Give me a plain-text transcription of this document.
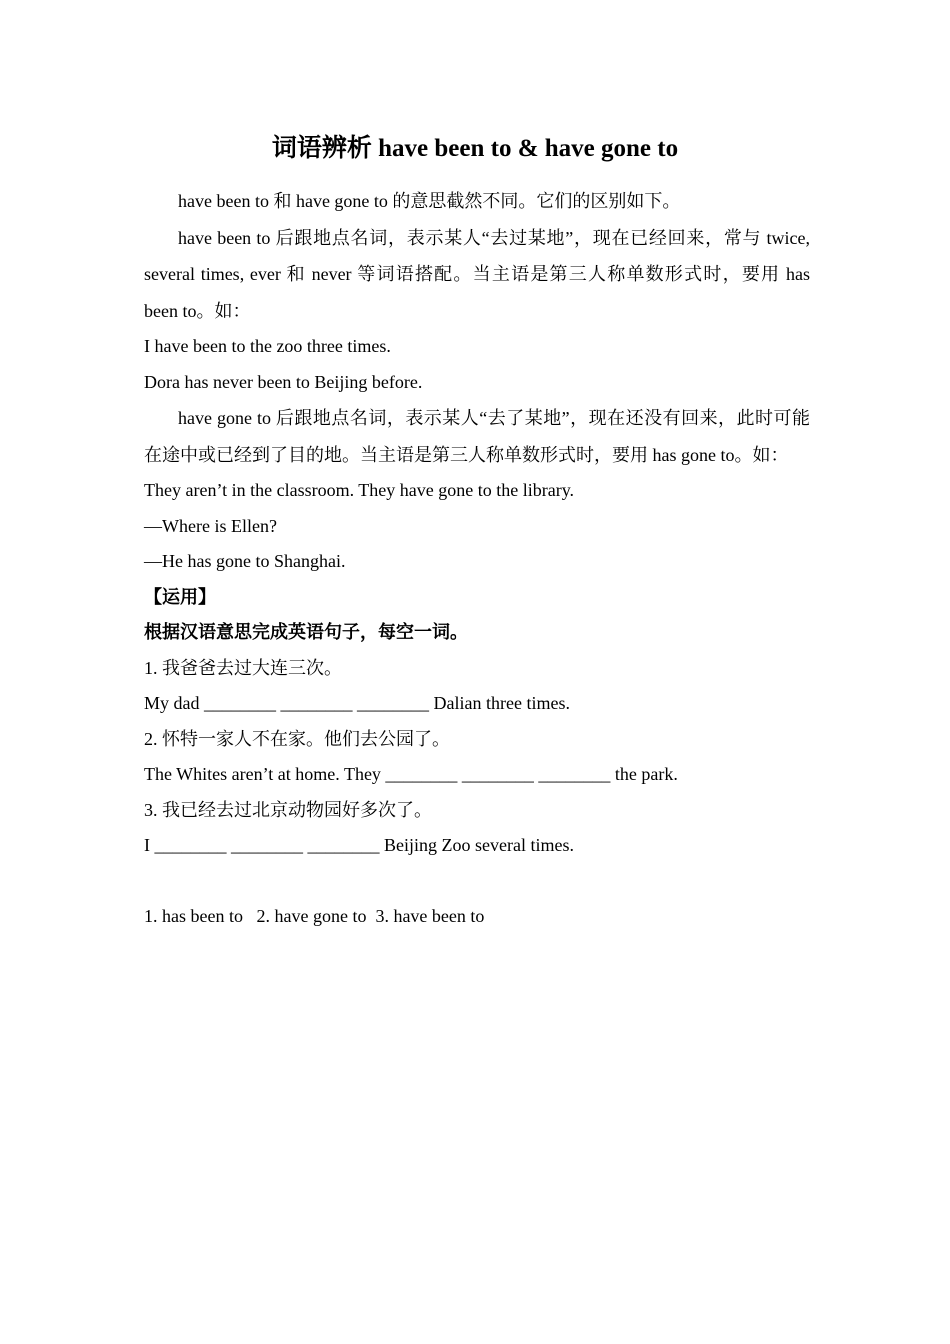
词语辨析 have been to & have gone to

have been to 和 have gone to 的意思截然不同。它们的区别如下。

have been to 后跟地点名词，表示某人“去过某地”，现在已经回来，常与 twice, several times, ever 和 never 等词语搭配。当主语是第三人称单数形式时，要用 has been to。如：

I have been to the zoo three times.

Dora has never been to Beijing before.

have gone to 后跟地点名词，表示某人“去了某地”，现在还没有回来，此时可能在途中或已经到了目的地。当主语是第三人称单数形式时，要用 has gone to。如：

They aren’t in the classroom. They have gone to the library.

—Where is Ellen?

—He has gone to Shanghai.

【运用】

根据汉语意思完成英语句子，每空一词。

1. 我爸爸去过大连三次。

My dad ________ ________ ________ Dalian three times.

2. 怀特一家人不在家。他们去公园了。

The Whites aren’t at home. They ________ ________ ________ the park.

3. 我已经去过北京动物园好多次了。

I ________ ________ ________ Beijing Zoo several times.

1. has been to   2. have gone to  3. have been to
